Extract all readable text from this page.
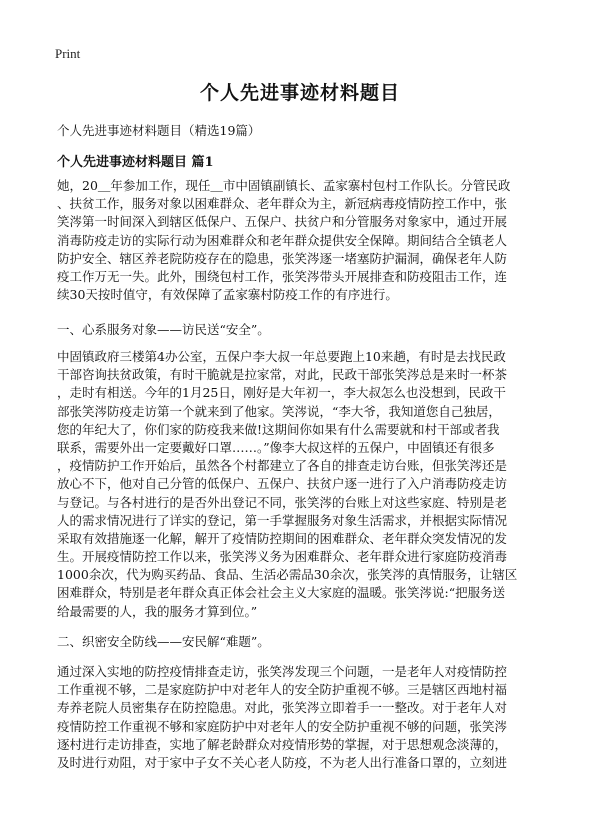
Print
个人先进事迹材料题目

个人先进事迹材料题目（精选19篇）

个人先进事迹材料题目 篇1
她，20＿年参加工作，现任＿市中固镇副镇长、孟家寨村包村工作队长。分管民政
、扶贫工作，服务对象以困难群众、老年群众为主，新冠病毒疫情防控工作中，张
笑涔第一时间深入到辖区低保户、五保户、扶贫户和分管服务对象家中，通过开展
消毒防疫走访的实际行动为困难群众和老年群众提供安全保障。期间结合全镇老人
防护安全、辖区养老院防疫存在的隐患，张笑涔逐一堵塞防护漏洞，确保老年人防
疫工作万无一失。此外，围绕包村工作，张笑涔带头开展排查和防疫阻击工作，连
续30天按时值守，有效保障了孟家寨村防疫工作的有序进行。

一、心系服务对象——访民送“安全”。

中固镇政府三楼第4办公室，五保户李大叔一年总要跑上10来趟，有时是去找民政
干部咨询扶贫政策，有时干脆就是拉家常，对此，民政干部张笑涔总是来时一杯茶
，走时有相送。今年的1月25日，刚好是大年初一，李大叔怎么也没想到，民政干
部张笑涔防疫走访第一个就来到了他家。笑涔说，“李大爷，我知道您自己独居，
您的年纪大了，你们家的防疫我来做!这期间你如果有什么需要就和村干部或者我
联系，需要外出一定要戴好口罩……。”像李大叔这样的五保户，中固镇还有很多
，疫情防护工作开始后，虽然各个村都建立了各自的排查走访台账，但张笑涔还是
放心不下，他对自己分管的低保户、五保户、扶贫户逐一进行了入户消毒防疫走访
与登记。与各村进行的是否外出登记不同，张笑涔的台账上对这些家庭、特别是老
人的需求情况进行了详实的登记，第一手掌握服务对象生活需求，并根据实际情况
采取有效措施逐一化解，解开了疫情防控期间的困难群众、老年群众突发情况的发
生。开展疫情防控工作以来，张笑涔义务为困难群众、老年群众进行家庭防疫消毒
1000余次，代为购买药品、食品、生活必需品30余次，张笑涔的真情服务，让辖区
困难群众，特别是老年群众真正体会社会主义大家庭的温暖。张笑涔说:“把服务送
给最需要的人，我的服务才算到位。”

二、织密安全防线——安民解“难题”。

通过深入实地的防控疫情排查走访，张笑涔发现三个问题，一是老年人对疫情防控
工作重视不够，二是家庭防护中对老年人的安全防护重视不够。三是辖区西地村福
寿养老院人员密集存在防控隐患。对此，张笑涔立即着手一一整改。对于老年人对
疫情防控工作重视不够和家庭防护中对老年人的安全防护重视不够的问题，张笑涔
逐村进行走访排查，实地了解老龄群众对疫情形势的掌握，对于思想观念淡薄的，
及时进行劝阻，对于家中子女不关心老人防疫，不为老人出行准备口罩的，立刻进
